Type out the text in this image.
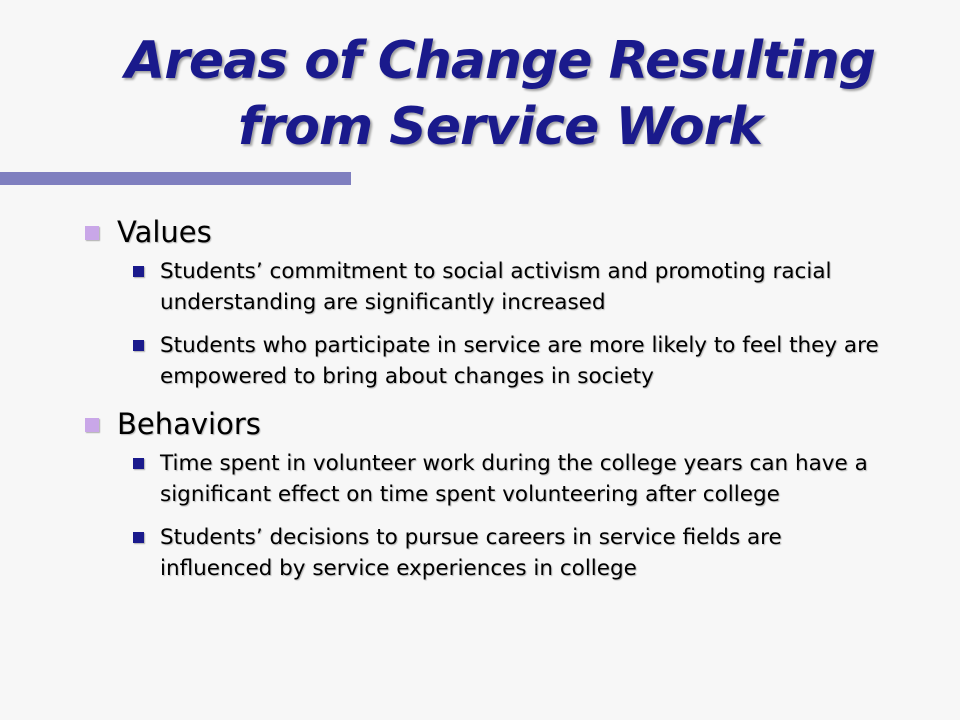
Areas of Change Resulting
from Service Work
Values
Students’ commitment to social activism and promoting racial understanding are significantly increased
Students who participate in service are more likely to feel they are empowered to bring about changes in society
Behaviors
Time spent in volunteer work during the college years can have a significant effect on time spent volunteering after college
Students’ decisions to pursue careers in service fields are influenced by service experiences in college
